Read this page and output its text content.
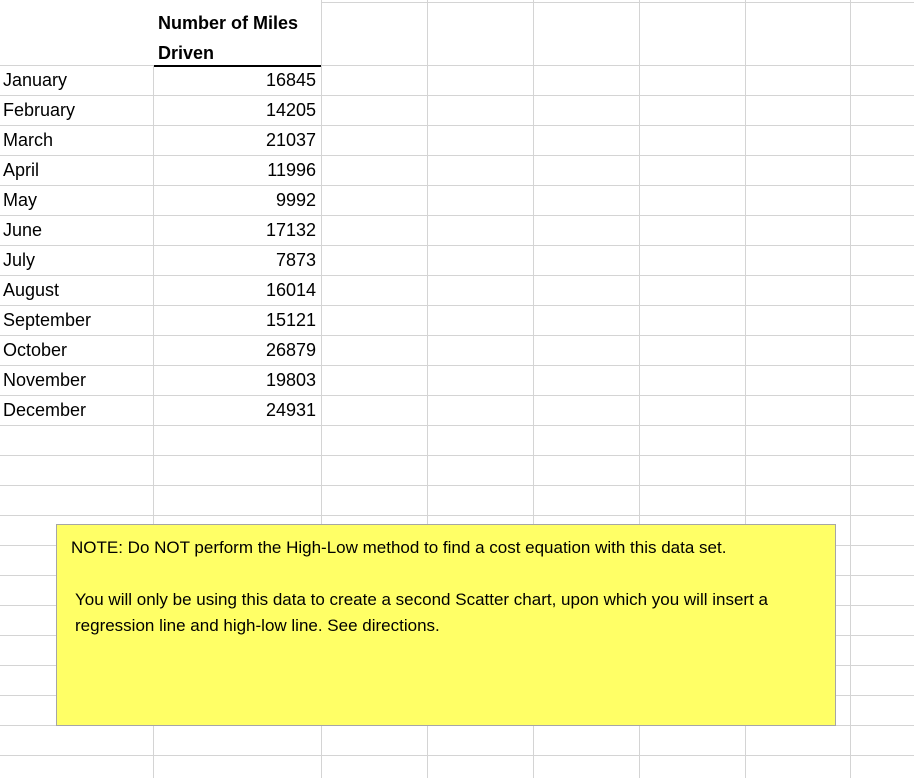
Number of Miles
Driven
January	16845
February	14205
March	21037
April	11996
May	9992
June	17132
July	7873
August	16014
September	15121
October	26879
November	19803
December	24931

NOTE: Do NOT perform the High-Low method to find a cost equation with this data set.

You will only be using this data to create a second Scatter chart, upon which you will insert a regression line and high-low line. See directions.
